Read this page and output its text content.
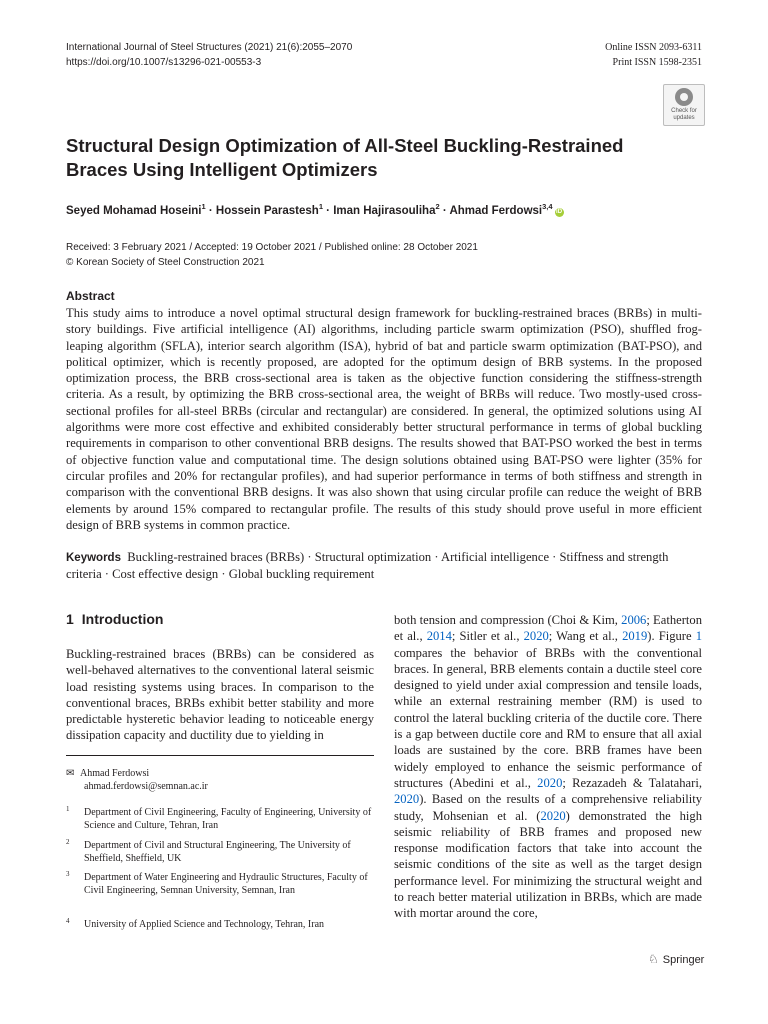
International Journal of Steel Structures (2021) 21(6):2055–2070
https://doi.org/10.1007/s13296-021-00553-3
Online ISSN 2093-6311
Print ISSN 1598-2351
Check for
updates
Structural Design Optimization of All-Steel Buckling-Restrained Braces Using Intelligent Optimizers
Seyed Mohamad Hoseini$^1$ · Hossein Parastesh$^1$ · Iman Hajirasouliha$^2$ · Ahmad Ferdowsi$^{3,4}$iD
Received: 3 February 2021 / Accepted: 19 October 2021 / Published online: 28 October 2021
© Korean Society of Steel Construction 2021
Abstract
This study aims to introduce a novel optimal structural design framework for buckling-restrained braces (BRBs) in multi-story buildings. Five artificial intelligence (AI) algorithms, including particle swarm optimization (PSO), shuffled frog-leaping algorithm (SFLA), interior search algorithm (ISA), hybrid of bat and particle swarm optimization (BAT-PSO), and political optimizer, which is recently proposed, are adopted for the optimum design of BRB systems. In the proposed optimization process, the BRB cross-sectional area is taken as the objective function considering the stiffness-strength criteria. As a result, by optimizing the BRB cross-sectional area, the weight of BRBs will reduce. Two mostly-used cross-sectional profiles for all-steel BRBs (circular and rectangular) are considered. In general, the optimized solutions using AI algorithms were more cost effective and exhibited considerably better structural performance in terms of global buckling requirements in comparison to other conventional BRB designs. The results showed that BAT-PSO worked the best in terms of objective function value and computational time. The design solutions obtained using BAT-PSO were lighter (35% for circular profiles and 20% for rectangular profiles), and had superior performance in terms of both stiffness and strength in comparison with the conventional BRB designs. It was also shown that using circular profile can reduce the weight of BRB elements by around 15% compared to rectangular profile. The results of this study should prove useful in more efficient design of BRB systems in common practice.
Keywords Buckling-restrained braces (BRBs) · Structural optimization · Artificial intelligence · Stiffness and strength criteria · Cost effective design · Global buckling requirement
1 Introduction
Buckling-restrained braces (BRBs) can be considered as well-behaved alternatives to the conventional lateral seismic load resisting systems using braces. In comparison to the conventional braces, BRBs exhibit better stability and more predictable hysteretic behavior leading to noticeable energy dissipation capacity and ductility due to yielding in
✉ Ahmad Ferdowsi
ahmad.ferdowsi@semnan.ac.ir
1 Department of Civil Engineering, Faculty of Engineering, University of Science and Culture, Tehran, Iran
2 Department of Civil and Structural Engineering, The University of Sheffield, Sheffield, UK
3 Department of Water Engineering and Hydraulic Structures, Faculty of Civil Engineering, Semnan University, Semnan, Iran
4 University of Applied Science and Technology, Tehran, Iran
both tension and compression (Choi & Kim, 2006; Eatherton et al., 2014; Sitler et al., 2020; Wang et al., 2019). Figure 1 compares the behavior of BRBs with the conventional braces. In general, BRB elements contain a ductile steel core designed to yield under axial compression and tensile loads, while an external restraining member (RM) is used to control the lateral buckling criteria of the ductile core. There is a gap between ductile core and RM to ensure that all axial loads are sustained by the core. BRB frames have been widely employed to enhance the seismic performance of structures (Abedini et al., 2020; Rezazadeh & Talatahari, 2020). Based on the results of a comprehensive reliability study, Mohsenian et al. (2020) demonstrated the high seismic reliability of BRB frames and proposed new response modification factors that take into account the seismic conditions of the site as well as the target design performance level. For minimizing the structural weight and to reach better material utilization in BRBs, which are made with mortar around the core,
♘ Springer
